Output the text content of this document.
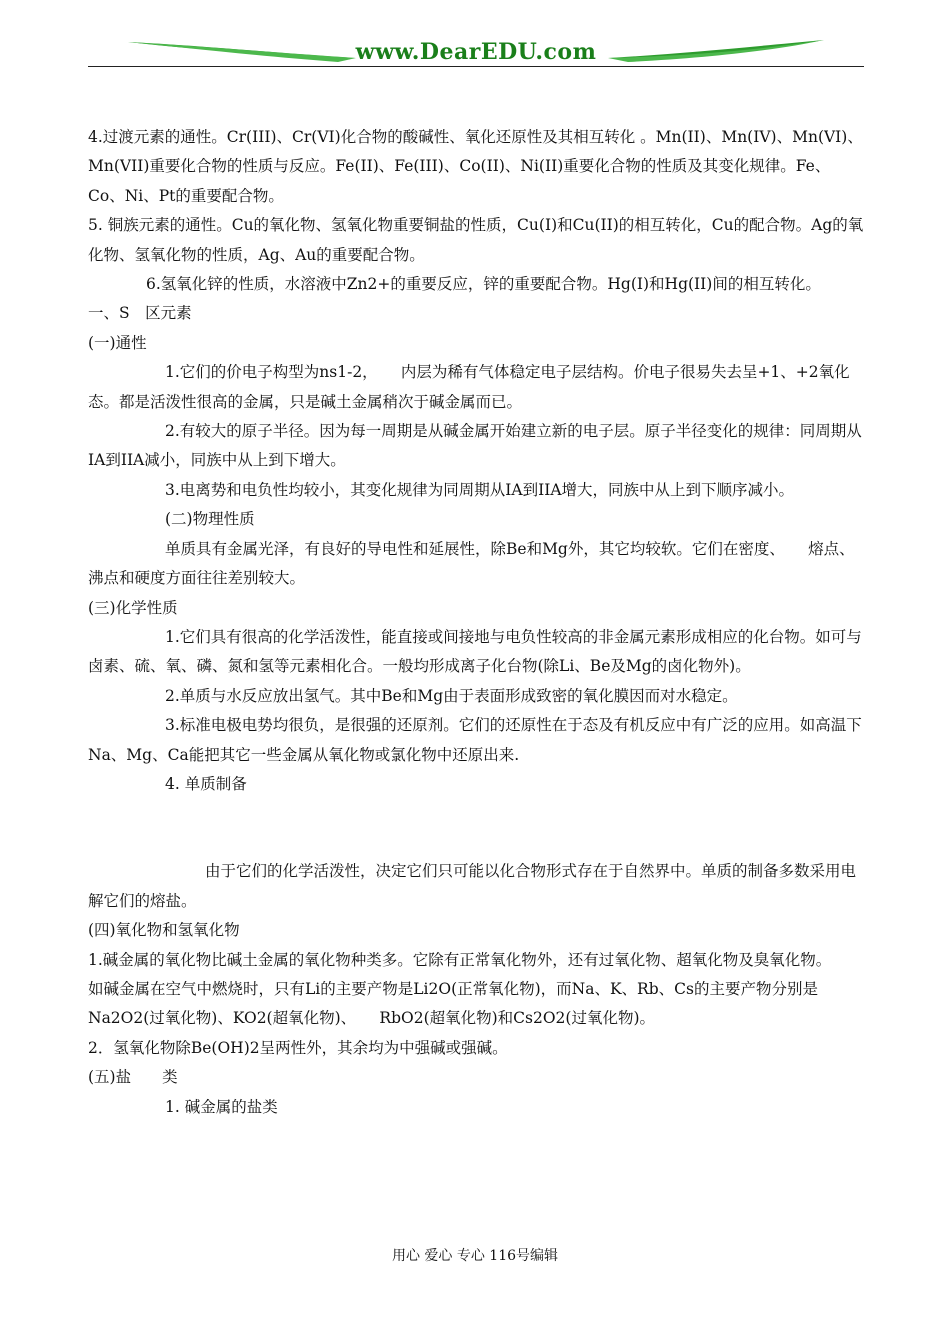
www.DearEDU.com

4.过渡元素的通性。Cr(III)、Cr(VI)化合物的酸碱性、氧化还原性及其相互转化 。Mn(II)、Mn(IV)、Mn(VI)、Mn(VII)重要化合物的性质与反应。Fe(II)、Fe(III)、Co(II)、Ni(II)重要化合物的性质及其变化规律。Fe、Co、Ni、Pt的重要配合物。

5. 铜族元素的通性。Cu的氧化物、氢氧化物重要铜盐的性质，Cu(I)和Cu(II)的相互转化，Cu的配合物。Ag的氧化物、氢氧化物的性质，Ag、Au的重要配合物。

6.氢氧化锌的性质，水溶液中Zn2+的重要反应，锌的重要配合物。Hg(I)和Hg(II)间的相互转化。

一、S　区元素

(一)通性

1.它们的价电子构型为ns1-2，　　内层为稀有气体稳定电子层结构。价电子很易失去呈+1、+2氧化态。都是活泼性很高的金属，只是碱土金属稍次于碱金属而已。

2.有较大的原子半径。因为每一周期是从碱金属开始建立新的电子层。原子半径变化的规律：同周期从IA到IIA减小，同族中从上到下增大。

3.电离势和电负性均较小，其变化规律为同周期从IA到IIA增大，同族中从上到下顺序减小。

(二)物理性质

单质具有金属光泽，有良好的导电性和延展性，除Be和Mg外，其它均较软。它们在密度、　　熔点、沸点和硬度方面往往差别较大。

(三)化学性质

1.它们具有很高的化学活泼性，能直接或间接地与电负性较高的非金属元素形成相应的化台物。如可与卤素、硫、氧、磷、氮和氢等元素相化合。一般均形成离子化台物(除Li、Be及Mg的卤化物外)。

2.单质与水反应放出氢气。其中Be和Mg由于表面形成致密的氧化膜因而对水稳定。

3.标准电极电势均很负，是很强的还原剂。它们的还原性在于态及有机反应中有广泛的应用。如高温下Na、Mg、Ca能把其它一些金属从氧化物或氯化物中还原出来.

4. 单质制备

由于它们的化学活泼性，决定它们只可能以化合物形式存在于自然界中。单质的制备多数采用电解它们的熔盐。

(四)氧化物和氢氧化物

1.碱金属的氧化物比碱土金属的氧化物种类多。它除有正常氧化物外，还有过氧化物、超氧化物及臭氧化物。

如碱金属在空气中燃烧时，只有Li的主要产物是Li2O(正常氧化物)，而Na、K、Rb、Cs的主要产物分别是Na2O2(过氧化物)、KO2(超氧化物)、　　RbO2(超氧化物)和Cs2O2(过氧化物)。

2．氢氧化物除Be(OH)2呈两性外，其余均为中强碱或强碱。

(五)盐　　类

1. 碱金属的盐类

用心 爱心 专心 116号编辑
